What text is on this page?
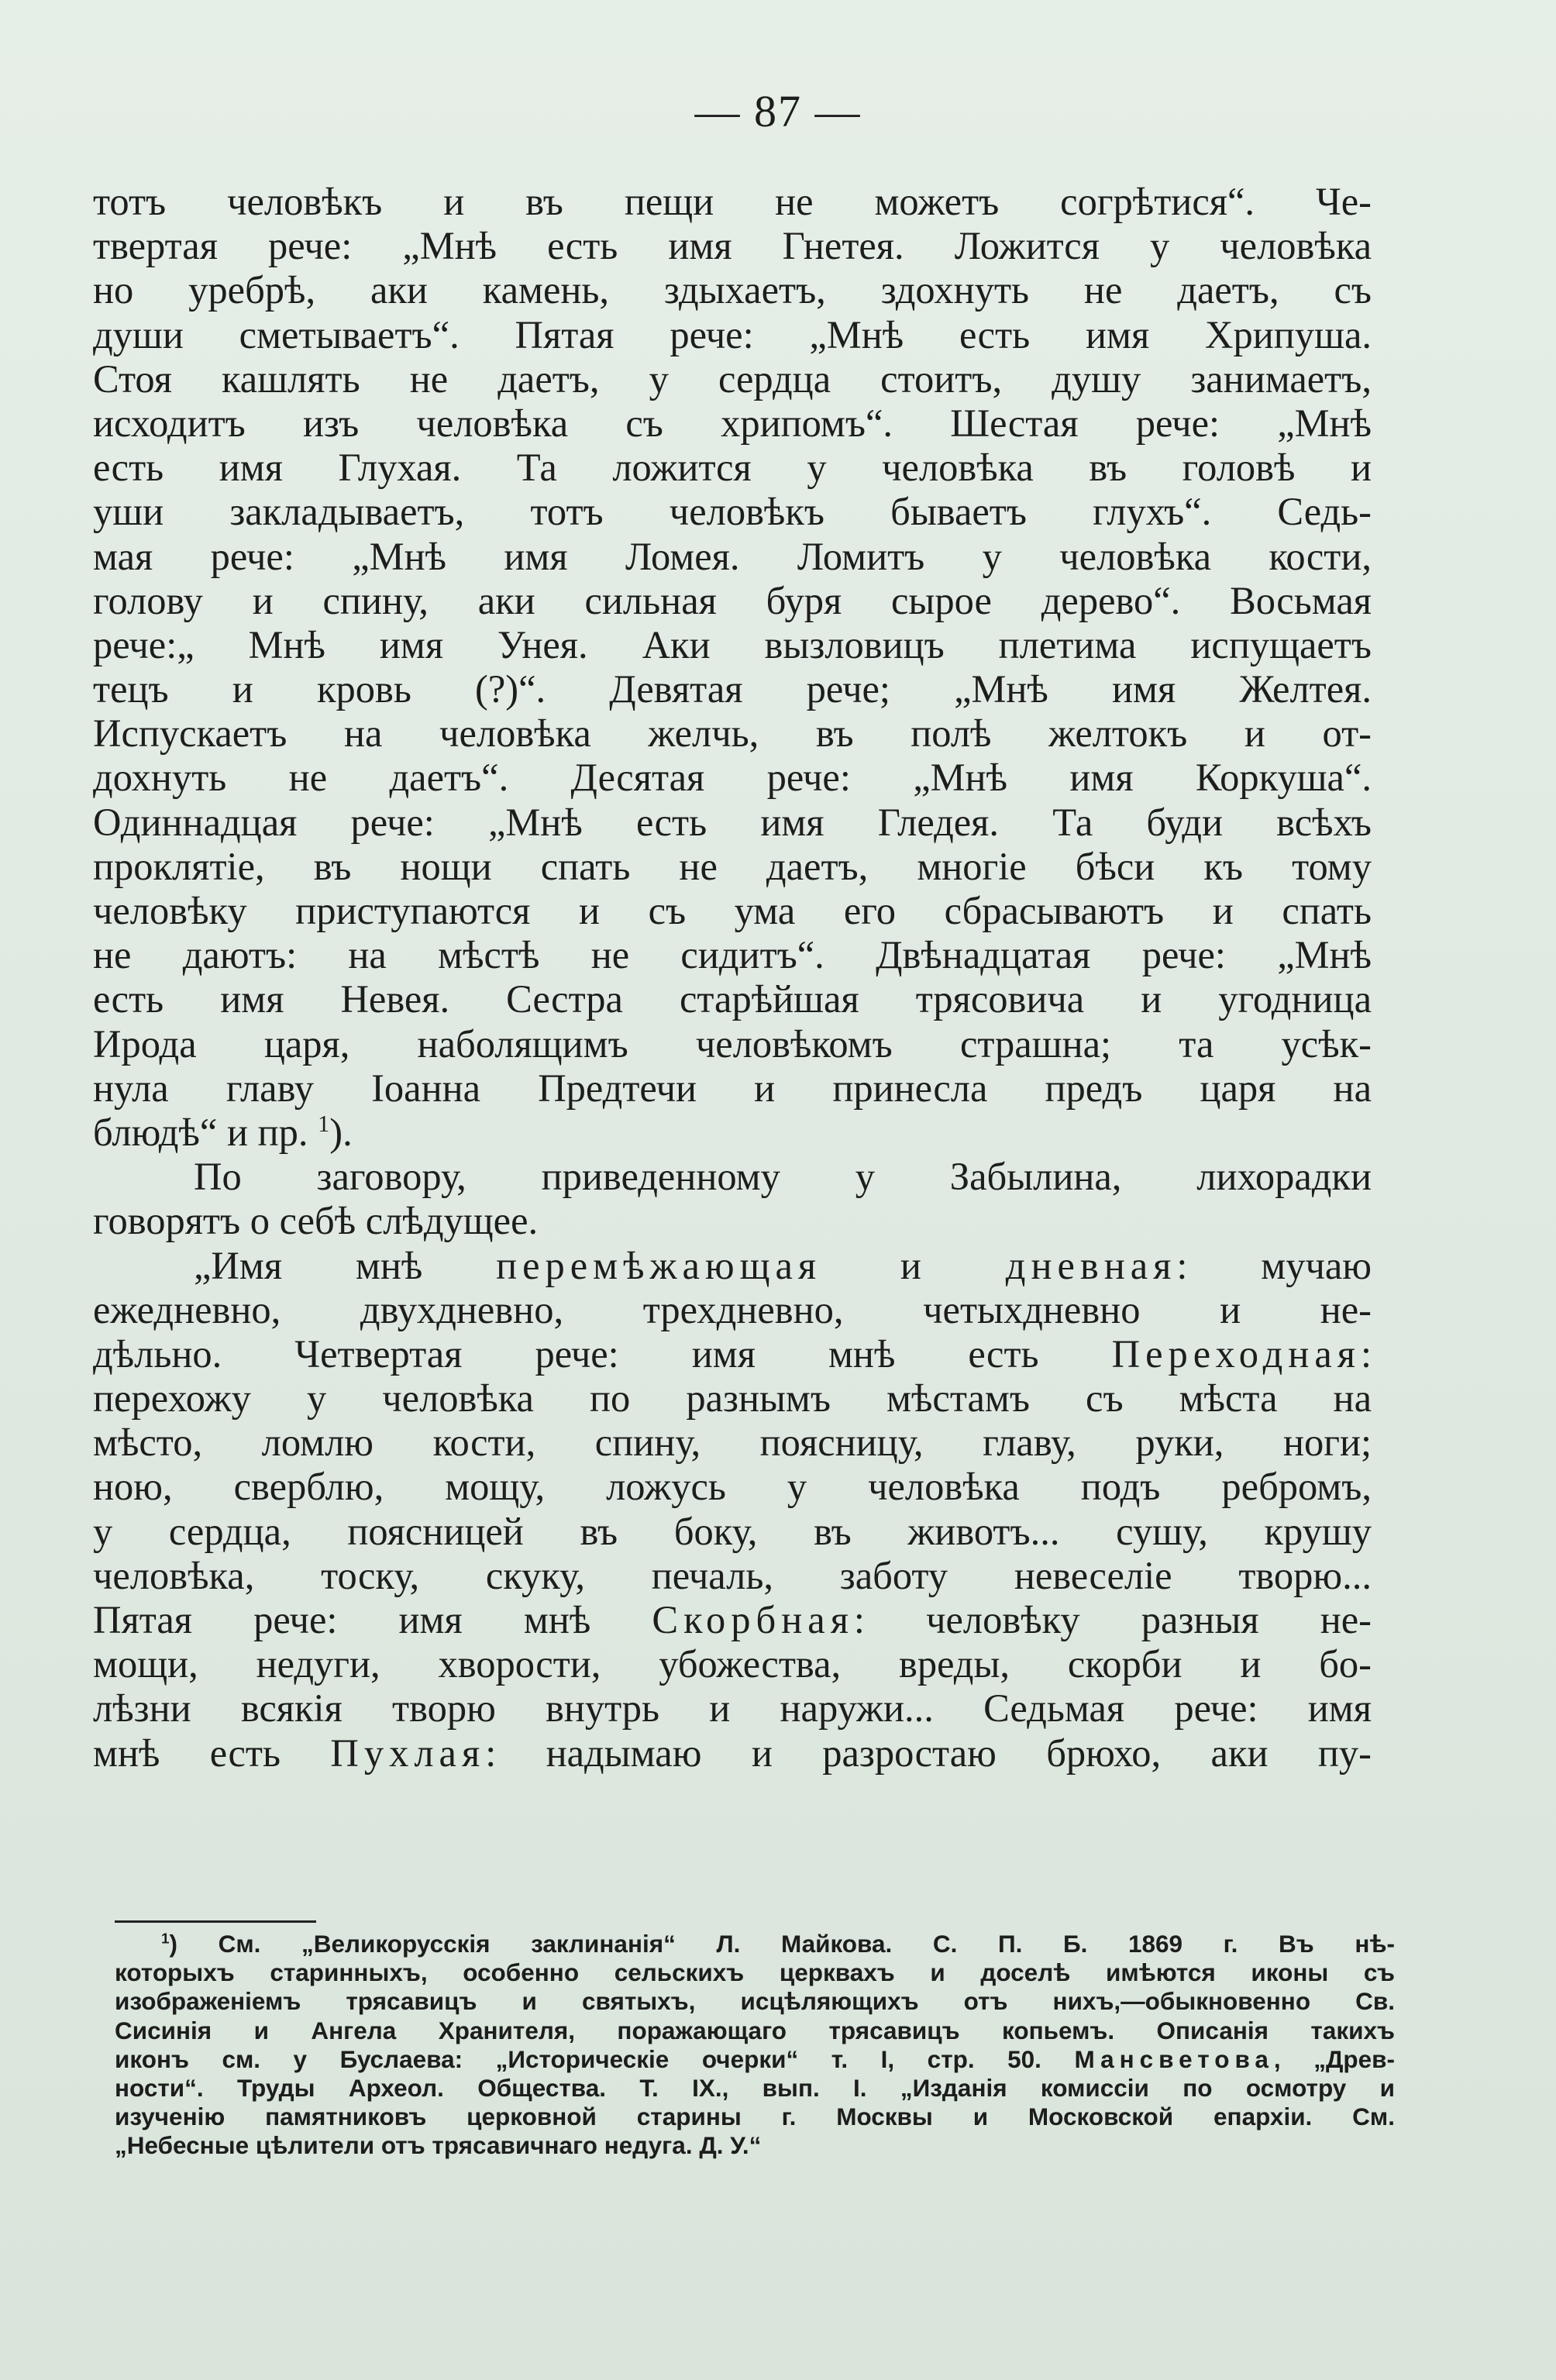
— 87 —
тотъ человѣкъ и въ пещи не можетъ согрѣтися“. Че-
твертая рече: „Мнѣ есть имя Гнетея. Ложится у человѣка
но уребрѣ, аки камень, здыхаетъ, здохнуть не даетъ, съ
души сметываетъ“. Пятая рече: „Мнѣ есть имя Хрипуша.
Стоя кашлять не даетъ, у сердца стоитъ, душу занимаетъ,
исходитъ изъ человѣка съ хрипомъ“. Шестая рече: „Мнѣ
есть имя Глухая. Та ложится у человѣка въ головѣ и
уши закладываетъ, тотъ человѣкъ бываетъ глухъ“. Седь-
мая рече: „Мнѣ имя Ломея. Ломитъ у человѣка кости,
голову и спину, аки сильная буря сырое дерево“. Восьмая
рече:„ Мнѣ имя Унея. Аки вызловицъ плетима испущаетъ
тецъ и кровь (?)“. Девятая рече; „Мнѣ имя Желтея.
Испускаетъ на человѣка желчь, въ полѣ желтокъ и от-
дохнуть не даетъ“. Десятая рече: „Мнѣ имя Коркуша“.
Одиннадцая рече: „Мнѣ есть имя Гледея. Та буди всѣхъ
проклятіе, въ нощи спать не даетъ, многіе бѣси къ тому
человѣку приступаются и съ ума его сбрасываютъ и спать
не даютъ: на мѣстѣ не сидитъ“. Двѣнадцатая рече: „Мнѣ
есть имя Невея. Сестра старѣйшая трясовича и угодница
Ирода царя, наболящимъ человѣкомъ страшна; та усѣк-
нула главу Іоанна Предтечи и принесла предъ царя на
блюдѣ“ и пр. $^1$).
По заговору, приведенному у Забылина, лихорадки
говорятъ о себѣ слѣдущее.
„Имя мнѣ перемѣжающая и дневная: мучаю
ежедневно, двухдневно, трехдневно, четыхдневно и не-
дѣльно. Четвертая рече: имя мнѣ есть Переходная:
перехожу у человѣка по разнымъ мѣстамъ съ мѣста на
мѣсто, ломлю кости, спину, поясницу, главу, руки, ноги;
ною, сверблю, мощу, ложусь у человѣка подъ ребромъ,
у сердца, поясницей въ боку, въ животъ... сушу, крушу
человѣка, тоску, скуку, печаль, заботу невеселіе творю...
Пятая рече: имя мнѣ Скорбная: человѣку разныя не-
мощи, недуги, хворости, убожества, вреды, скорби и бо-
лѣзни всякія творю внутрь и наружи... Седьмая рече: имя
мнѣ есть Пухлая: надымаю и разростаю брюхо, аки пу-
$^1$) См. „Великорусскія заклинанія“ Л. Майкова. С. П. Б. 1869 г. Въ нѣ-
которыхъ старинныхъ, особенно сельскихъ церквахъ и доселѣ имѣются иконы съ
изображеніемъ трясавицъ и святыхъ, исцѣляющихъ отъ нихъ,—обыкновенно Св.
Сисинія и Ангела Хранителя, поражающаго трясавицъ копьемъ. Описанія такихъ
иконъ см. у Буслаева: „Историческіе очерки“ т. I, стр. 50. Мансветова, „Древ-
ности“. Труды Археол. Общества. Т. IX., вып. I. „Изданія комиссіи по осмотру и
изученію памятниковъ церковной старины г. Москвы и Московской епархіи. См.
„Небесные цѣлители отъ трясавичнаго недуга. Д. У.“
